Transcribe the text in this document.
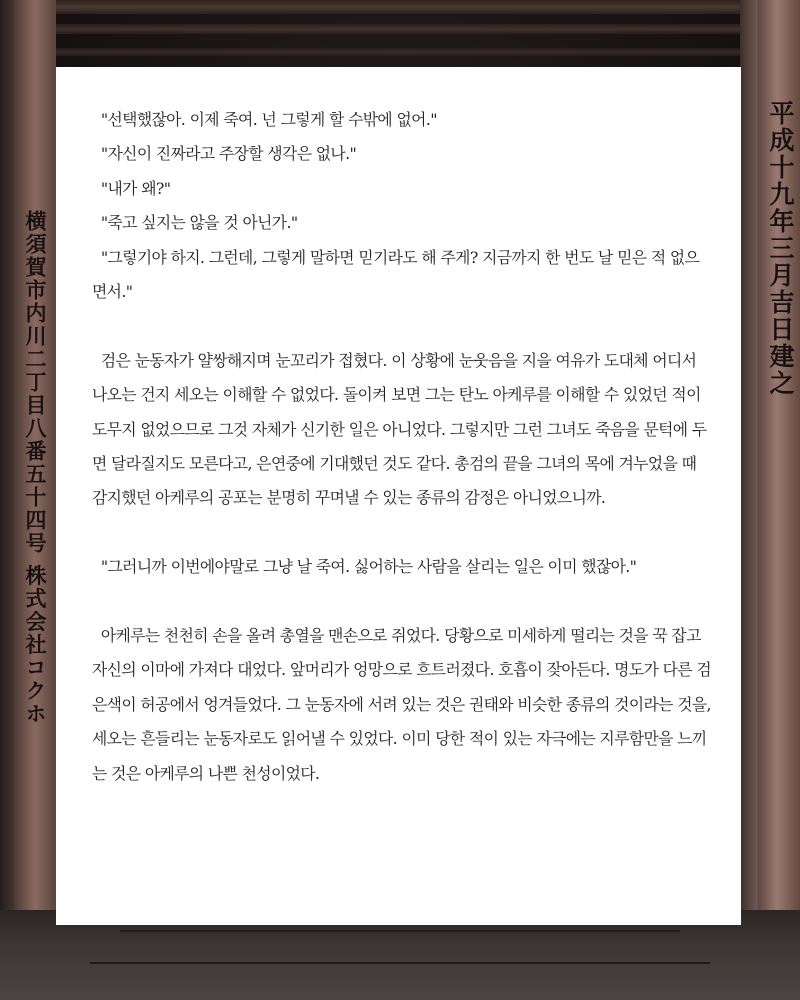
横須賀市内川二丁目八番五十四号 株式会社コクホ	平成十九年三月吉日建之

"선택했잖아. 이제 죽여. 넌 그렇게 할 수밖에 없어."

"자신이 진짜라고 주장할 생각은 없나."

"내가 왜?"

"죽고 싶지는 않을 것 아닌가."

"그렇기야 하지. 그런데, 그렇게 말하면 믿기라도 해 주게? 지금까지 한 번도 날 믿은 적 없으면서."

검은 눈동자가 얄쌍해지며 눈꼬리가 접혔다. 이 상황에 눈웃음을 지을 여유가 도대체 어디서 나오는 건지 세오는 이해할 수 없었다. 돌이켜 보면 그는 탄노 아케루를 이해할 수 있었던 적이 도무지 없었으므로 그것 자체가 신기한 일은 아니었다. 그렇지만 그런 그녀도 죽음을 문턱에 두면 달라질지도 모른다고, 은연중에 기대했던 것도 같다. 총검의 끝을 그녀의 목에 겨누었을 때 감지했던 아케루의 공포는 분명히 꾸며낼 수 있는 종류의 감정은 아니었으니까.

"그러니까 이번에야말로 그냥 날 죽여. 싫어하는 사람을 살리는 일은 이미 했잖아."

아케루는 천천히 손을 올려 총열을 맨손으로 쥐었다. 당황으로 미세하게 떨리는 것을 꾹 잡고 자신의 이마에 가져다 대었다. 앞머리가 엉망으로 흐트러졌다. 호흡이 잦아든다. 명도가 다른 검은색이 허공에서 엉겨들었다. 그 눈동자에 서려 있는 것은 권태와 비슷한 종류의 것이라는 것을, 세오는 흔들리는 눈동자로도 읽어낼 수 있었다. 이미 당한 적이 있는 자극에는 지루함만을 느끼는 것은 아케루의 나쁜 천성이었다.
